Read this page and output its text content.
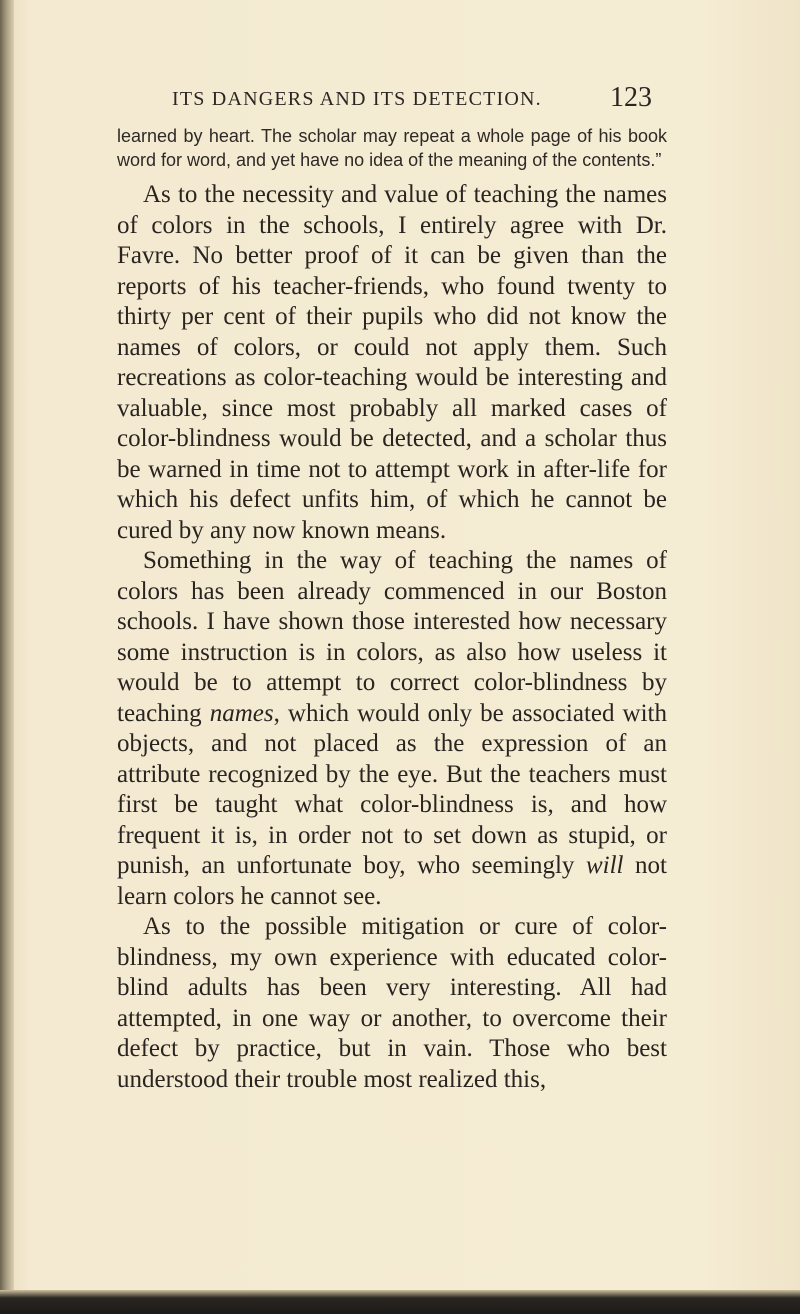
ITS DANGERS AND ITS DETECTION. 123

learned by heart. The scholar may repeat a whole page of his book word for word, and yet have no idea of the meaning of the contents.”

As to the necessity and value of teaching the names of colors in the schools, I entirely agree with Dr. Favre. No better proof of it can be given than the reports of his teacher-friends, who found twenty to thirty per cent of their pupils who did not know the names of colors, or could not apply them. Such recreations as color-teaching would be interesting and valuable, since most probably all marked cases of color-blindness would be detected, and a scholar thus be warned in time not to attempt work in after-life for which his defect unfits him, of which he cannot be cured by any now known means.

Something in the way of teaching the names of colors has been already commenced in our Boston schools. I have shown those interested how necessary some instruction is in colors, as also how useless it would be to attempt to correct color-blindness by teaching names, which would only be associated with objects, and not placed as the expression of an attribute recognized by the eye. But the teachers must first be taught what color-blindness is, and how frequent it is, in order not to set down as stupid, or punish, an unfortunate boy, who seemingly will not learn colors he cannot see.

As to the possible mitigation or cure of color-blindness, my own experience with educated color-blind adults has been very interesting. All had attempted, in one way or another, to overcome their defect by practice, but in vain. Those who best understood their trouble most realized this,
